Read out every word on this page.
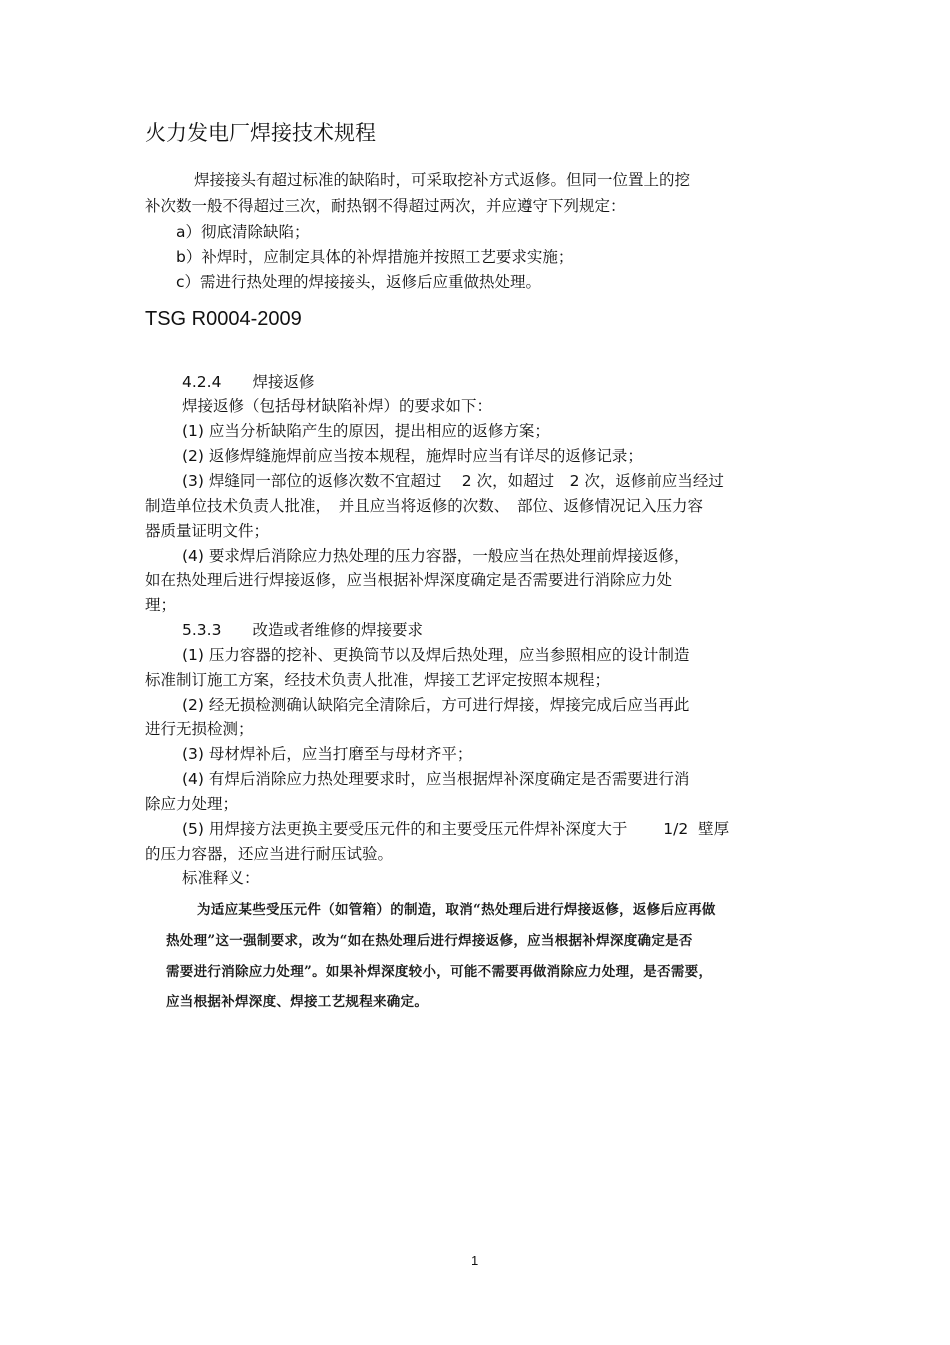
火力发电厂焊接技术规程
焊接接头有超过标准的缺陷时，可采取挖补方式返修。但同一位置上的挖
补次数一般不得超过三次，耐热钢不得超过两次，并应遵守下列规定：
a）彻底清除缺陷；
b）补焊时，应制定具体的补焊措施并按照工艺要求实施；
c）需进行热处理的焊接接头，返修后应重做热处理。
TSG R0004-2009
4.2.4　　焊接返修
焊接返修（包括母材缺陷补焊）的要求如下：
(1) 应当分析缺陷产生的原因，提出相应的返修方案；
(2) 返修焊缝施焊前应当按本规程，施焊时应当有详尽的返修记录；
(3) 焊缝同一部位的返修次数不宜超过　 2 次，如超过　2 次，返修前应当经过
制造单位技术负责人批准，　并且应当将返修的次数、　部位、返修情况记入压力容
器质量证明文件；
(4) 要求焊后消除应力热处理的压力容器，一般应当在热处理前焊接返修，
如在热处理后进行焊接返修，应当根据补焊深度确定是否需要进行消除应力处
理；
5.3.3　　改造或者维修的焊接要求
(1) 压力容器的挖补、更换筒节以及焊后热处理，应当参照相应的设计制造
标准制订施工方案，经技术负责人批准，焊接工艺评定按照本规程；
(2) 经无损检测确认缺陷完全清除后，方可进行焊接，焊接完成后应当再此
进行无损检测；
(3) 母材焊补后，应当打磨至与母材齐平；
(4) 有焊后消除应力热处理要求时，应当根据焊补深度确定是否需要进行消
除应力处理；
(5) 用焊接方法更换主要受压元件的和主要受压元件焊补深度大于　　 1/2  壁厚
的压力容器，还应当进行耐压试验。
标准释义：
为适应某些受压元件（如管箱）的制造，取消“热处理后进行焊接返修，返修后应再做
热处理”这一强制要求，改为“如在热处理后进行焊接返修，应当根据补焊深度确定是否
需要进行消除应力处理”。如果补焊深度较小，可能不需要再做消除应力处理，是否需要，
应当根据补焊深度、焊接工艺规程来确定。
1
